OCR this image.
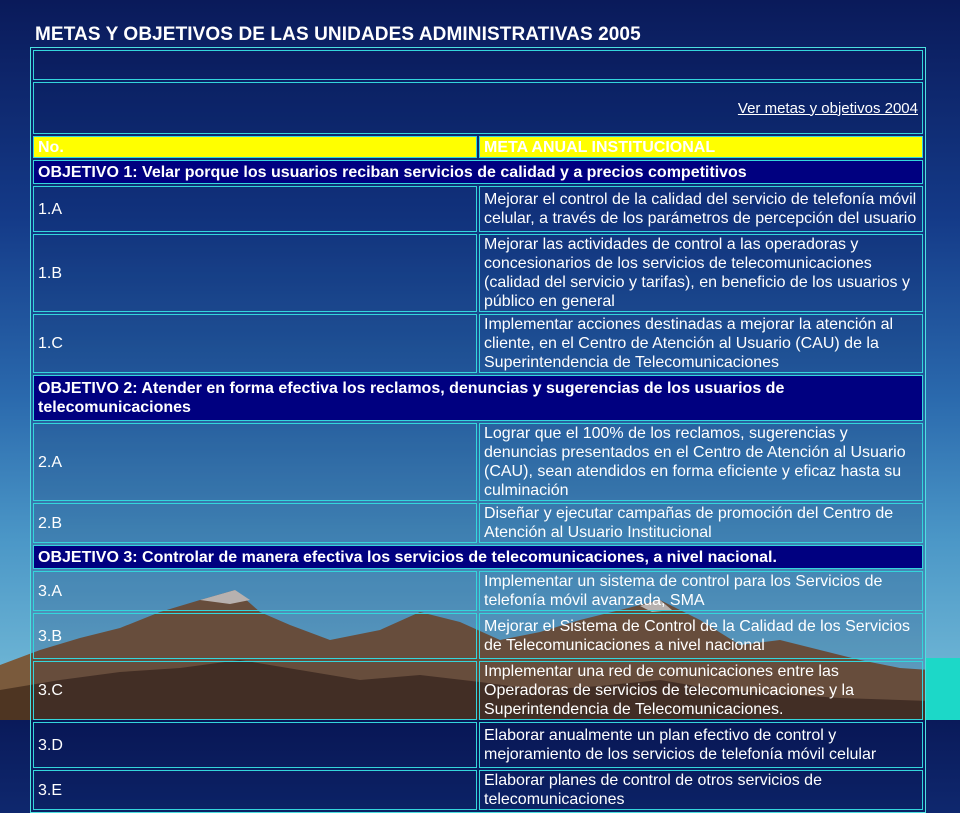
METAS Y OBJETIVOS DE LAS UNIDADES ADMINISTRATIVAS 2005

Ver metas y objetivos 2004	
No.	META ANUAL INSTITUCIONAL
OBJETIVO 1: Velar porque los usuarios reciban servicios de calidad y a precios competitivos	
1.A	Mejorar el control de la calidad del servicio de telefonía móvil celular, a través de los parámetros de percepción del usuario
1.B	Mejorar las actividades de control a las operadoras y concesionarios de los servicios de telecomunicaciones (calidad del servicio y tarifas), en beneficio de los usuarios y público en general
1.C	Implementar acciones destinadas a mejorar la atención al cliente, en el Centro de Atención al Usuario (CAU) de la Superintendencia de Telecomunicaciones
OBJETIVO 2: Atender en forma efectiva los reclamos, denuncias y sugerencias de los usuarios de telecomunicaciones	
2.A	Lograr que el 100% de los reclamos, sugerencias y denuncias presentados en el Centro de Atención al Usuario (CAU), sean atendidos en forma eficiente y eficaz hasta su culminación
2.B	Diseñar y ejecutar campañas de promoción del Centro de Atención al Usuario Institucional
OBJETIVO 3: Controlar de manera efectiva los servicios de telecomunicaciones, a nivel nacional.	
3.A	Implementar un sistema de control para los Servicios de telefonía móvil avanzada, SMA
3.B	Mejorar el Sistema de Control de la Calidad de los Servicios de Telecomunicaciones a nivel nacional
3.C	Implementar una red de comunicaciones entre las Operadoras de servicios de telecomunicaciones y la Superintendencia de Telecomunicaciones.
3.D	Elaborar anualmente un plan efectivo de control y mejoramiento de los servicios de telefonía móvil celular
3.E	Elaborar planes de control de otros servicios de telecomunicaciones
